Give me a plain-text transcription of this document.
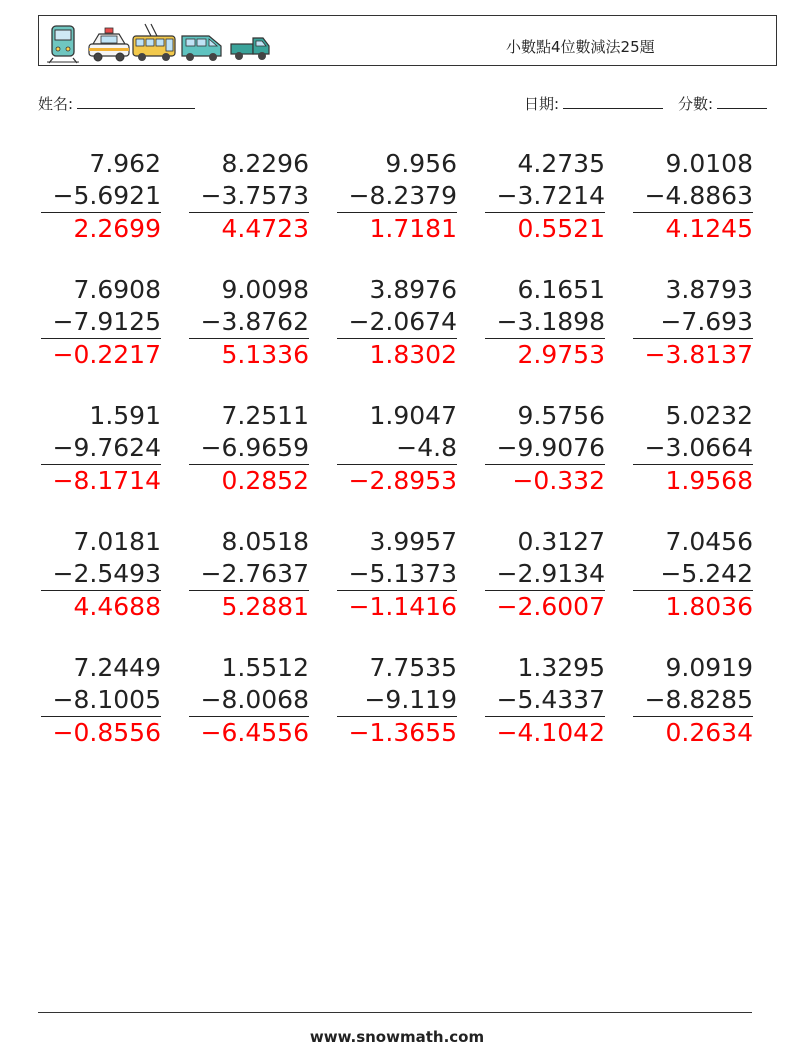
小數點4位數減法25題
姓名:	日期:	分數:
7.962
−5.6921
2.2699
8.2296
−3.7573
4.4723
9.956
−8.2379
1.7181
4.2735
−3.7214
0.5521
9.0108
−4.8863
4.1245
7.6908
−7.9125
−0.2217
9.0098
−3.8762
5.1336
3.8976
−2.0674
1.8302
6.1651
−3.1898
2.9753
3.8793
−7.693
−3.8137
1.591
−9.7624
−8.1714
7.2511
−6.9659
0.2852
1.9047
−4.8
−2.8953
9.5756
−9.9076
−0.332
5.0232
−3.0664
1.9568
7.0181
−2.5493
4.4688
8.0518
−2.7637
5.2881
3.9957
−5.1373
−1.1416
0.3127
−2.9134
−2.6007
7.0456
−5.242
1.8036
7.2449
−8.1005
−0.8556
1.5512
−8.0068
−6.4556
7.7535
−9.119
−1.3655
1.3295
−5.4337
−4.1042
9.0919
−8.8285
0.2634
www.snowmath.com
